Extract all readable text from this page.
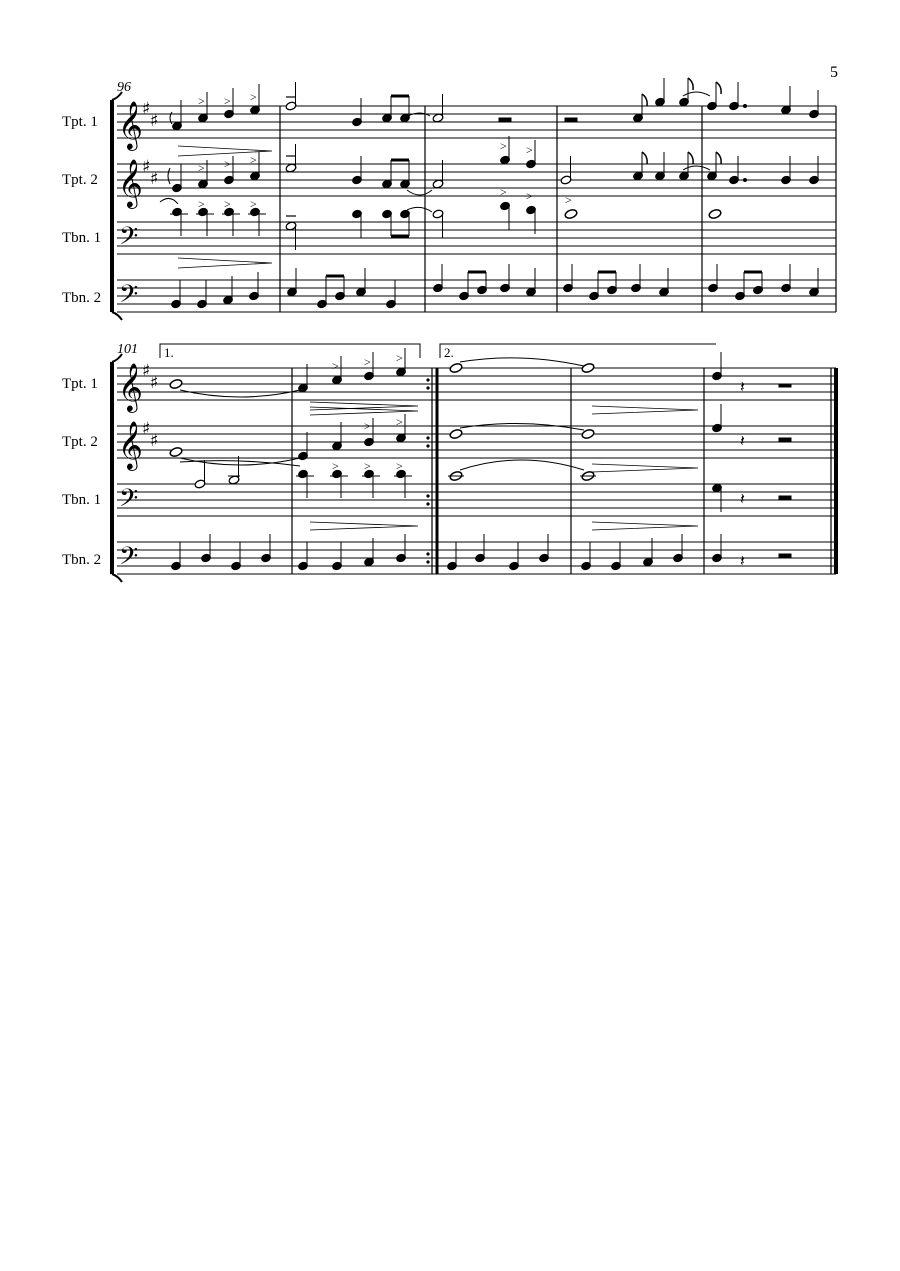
5
96
Tpt. 1
Tpt. 2
Tbn. 1
Tbn. 2
𝄞
𝄞
𝄢
𝄢
♯
♯
♯
♯
> > >
> > >
> >
> > >
> >	>
101
Tpt. 1
Tpt. 2
Tbn. 1
Tbn. 2
𝄞
𝄞
𝄢
𝄢
♯
♯
♯
♯
1.	2.
> > >
𝄽
> >
𝄽
> > >
𝄽
𝄽
